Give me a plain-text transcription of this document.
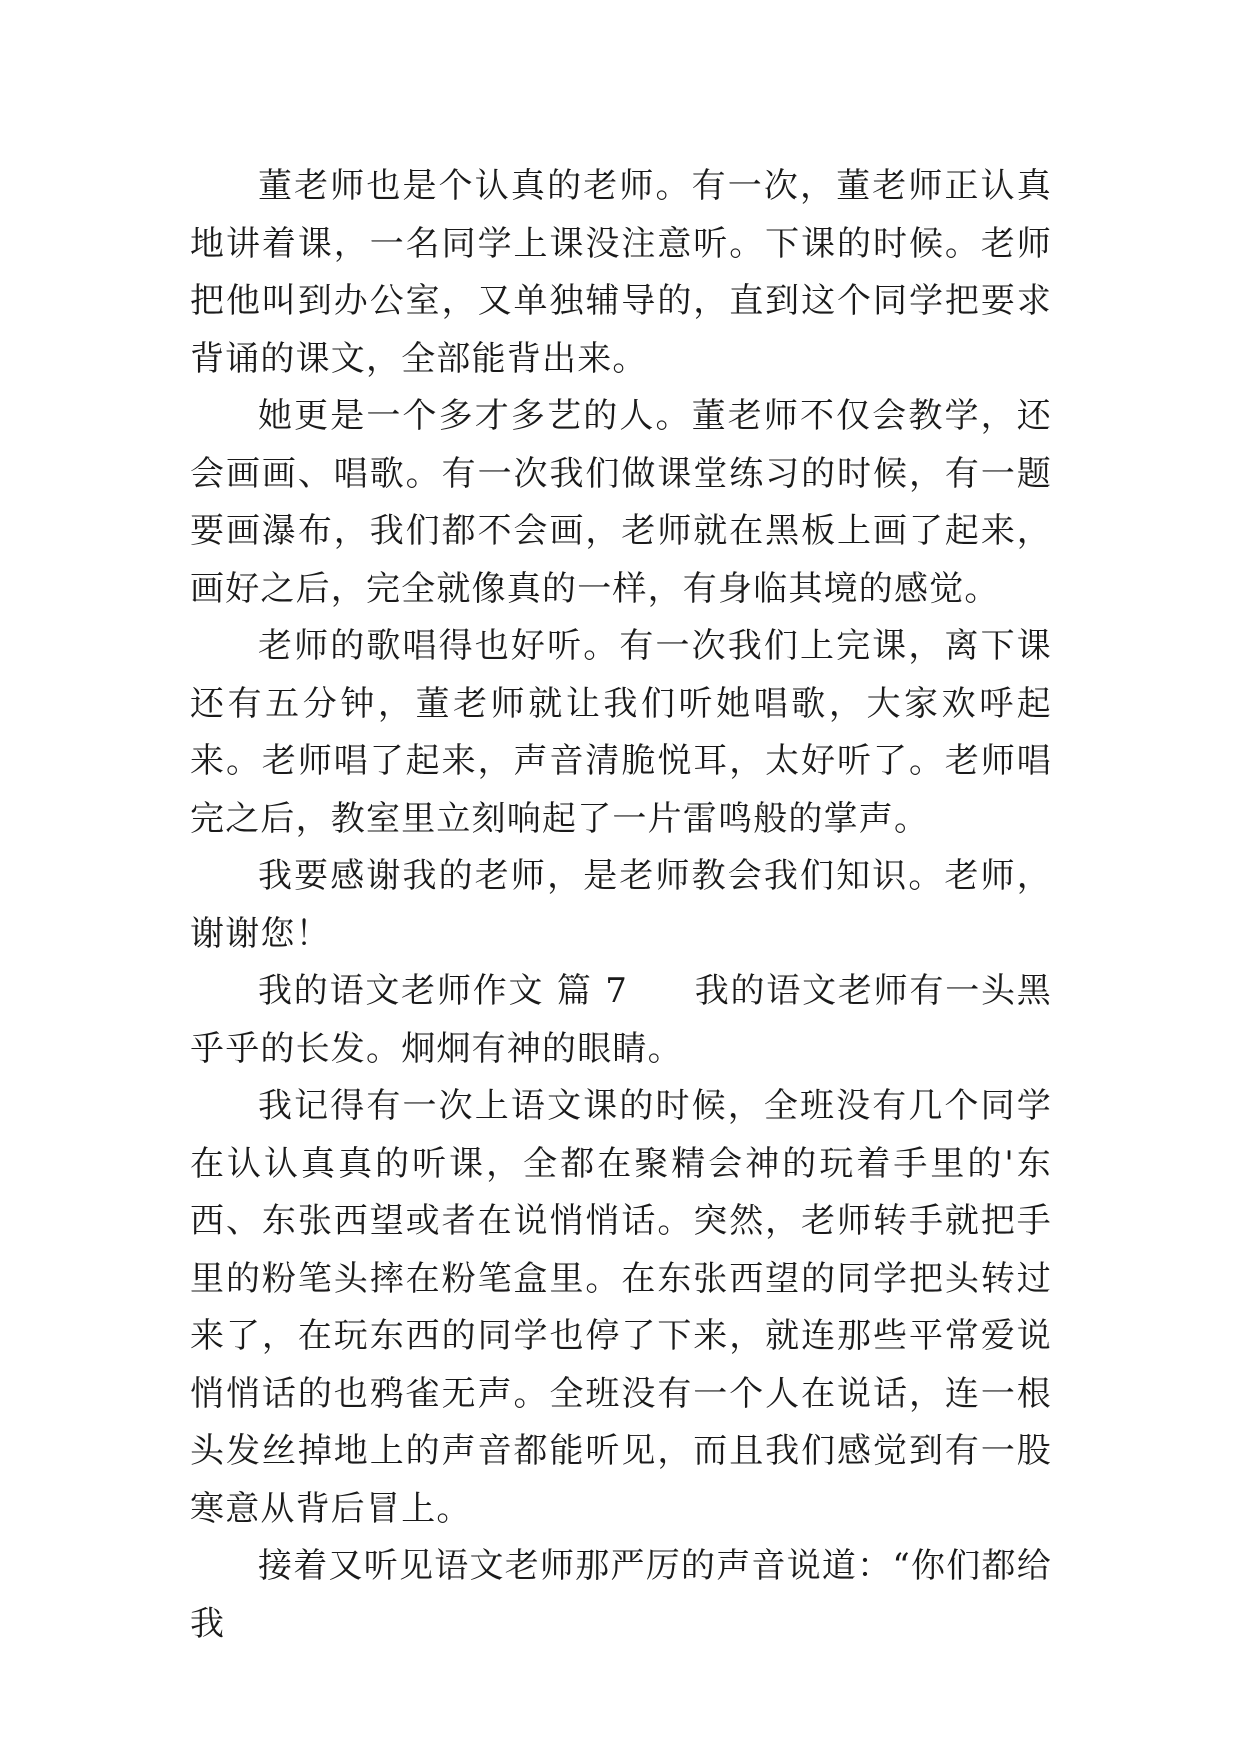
董老师也是个认真的老师。有一次，董老师正认真地讲着课，一名同学上课没注意听。下课的时候。老师把他叫到办公室，又单独辅导的，直到这个同学把要求背诵的课文，全部能背出来。

她更是一个多才多艺的人。董老师不仅会教学，还会画画、唱歌。有一次我们做课堂练习的时候，有一题要画瀑布，我们都不会画，老师就在黑板上画了起来，画好之后，完全就像真的一样，有身临其境的感觉。

老师的歌唱得也好听。有一次我们上完课，离下课还有五分钟，董老师就让我们听她唱歌，大家欢呼起来。老师唱了起来，声音清脆悦耳，太好听了。老师唱完之后，教室里立刻响起了一片雷鸣般的掌声。

我要感谢我的老师，是老师教会我们知识。老师，谢谢您！

我的语文老师作文 篇 7 我的语文老师有一头黑乎乎的长发。炯炯有神的眼睛。

我记得有一次上语文课的时候，全班没有几个同学在认认真真的听课，全都在聚精会神的玩着手里的'东西、东张西望或者在说悄悄话。突然，老师转手就把手里的粉笔头摔在粉笔盒里。在东张西望的同学把头转过来了，在玩东西的同学也停了下来，就连那些平常爱说悄悄话的也鸦雀无声。全班没有一个人在说话，连一根头发丝掉地上的声音都能听见，而且我们感觉到有一股寒意从背后冒上。

接着又听见语文老师那严厉的声音说道：“你们都给我
